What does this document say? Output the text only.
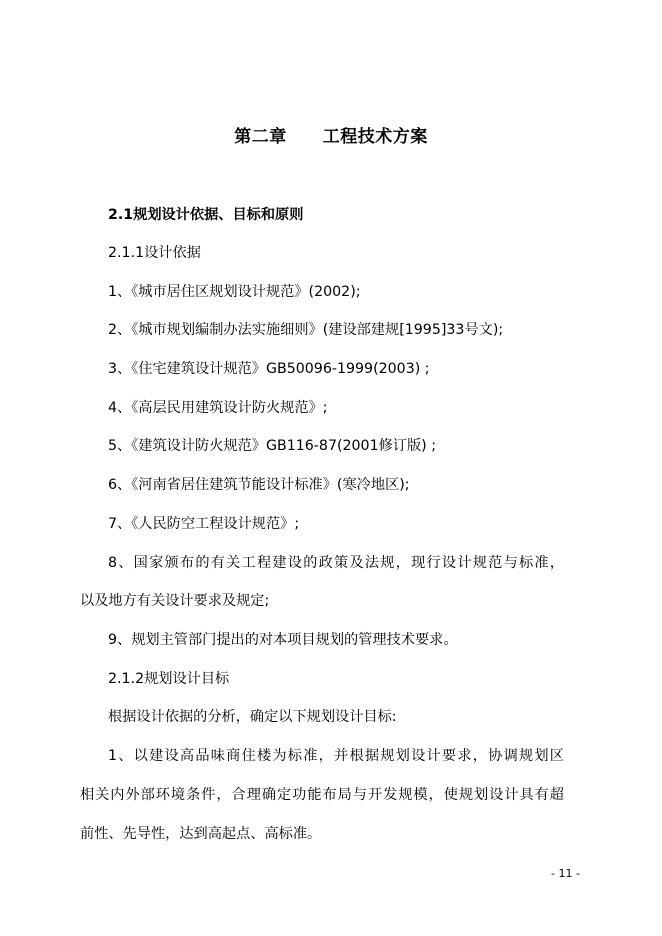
第二章 工程技术方案
2.1规划设计依据、目标和原则
2.1.1设计依据
1、《城市居住区规划设计规范》(2002);
2、《城市规划编制办法实施细则》(建设部建规[1995]33号文);
3、《住宅建筑设计规范》GB50096-1999(2003) ;
4、《高层民用建筑设计防火规范》;
5、《建筑设计防火规范》GB116-87(2001修订版) ;
6、《河南省居住建筑节能设计标准》(寒冷地区);
7、《人民防空工程设计规范》;
8、国家颁布的有关工程建设的政策及法规，现行设计规范与标准，
以及地方有关设计要求及规定;
9、规划主管部门提出的对本项目规划的管理技术要求。
2.1.2规划设计目标
根据设计依据的分析，确定以下规划设计目标:
1、以建设高品味商住楼为标准，并根据规划设计要求，协调规划区
相关内外部环境条件，合理确定功能布局与开发规模，使规划设计具有超
前性、先导性，达到高起点、高标准。
- 11 -
